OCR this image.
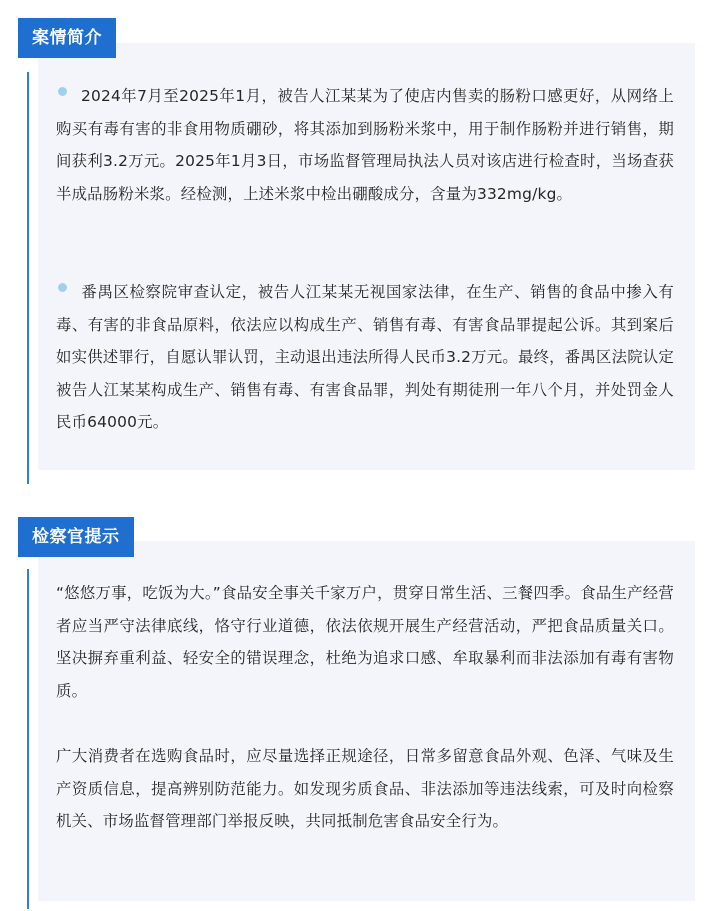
案情简介
2024年7月至2025年1月，被告人江某某为了使店内售卖的肠粉口感更好，从网络上购买有毒有害的非食用物质硼砂，将其添加到肠粉米浆中，用于制作肠粉并进行销售，期间获利3.2万元。2025年1月3日，市场监督管理局执法人员对该店进行检查时，当场查获半成品肠粉米浆。经检测，上述米浆中检出硼酸成分，含量为332mg/kg。
番禺区检察院审查认定，被告人江某某无视国家法律，在生产、销售的食品中掺入有毒、有害的非食品原料，依法应以构成生产、销售有毒、有害食品罪提起公诉。其到案后如实供述罪行，自愿认罪认罚，主动退出违法所得人民币3.2万元。最终，番禺区法院认定被告人江某某构成生产、销售有毒、有害食品罪，判处有期徒刑一年八个月，并处罚金人民币64000元。
检察官提示
“悠悠万事，吃饭为大。”食品安全事关千家万户，贯穿日常生活、三餐四季。食品生产经营者应当严守法律底线，恪守行业道德，依法依规开展生产经营活动，严把食品质量关口。坚决摒弃重利益、轻安全的错误理念，杜绝为追求口感、牟取暴利而非法添加有毒有害物质。
广大消费者在选购食品时，应尽量选择正规途径，日常多留意食品外观、色泽、气味及生产资质信息，提高辨别防范能力。如发现劣质食品、非法添加等违法线索，可及时向检察机关、市场监督管理部门举报反映，共同抵制危害食品安全行为。
